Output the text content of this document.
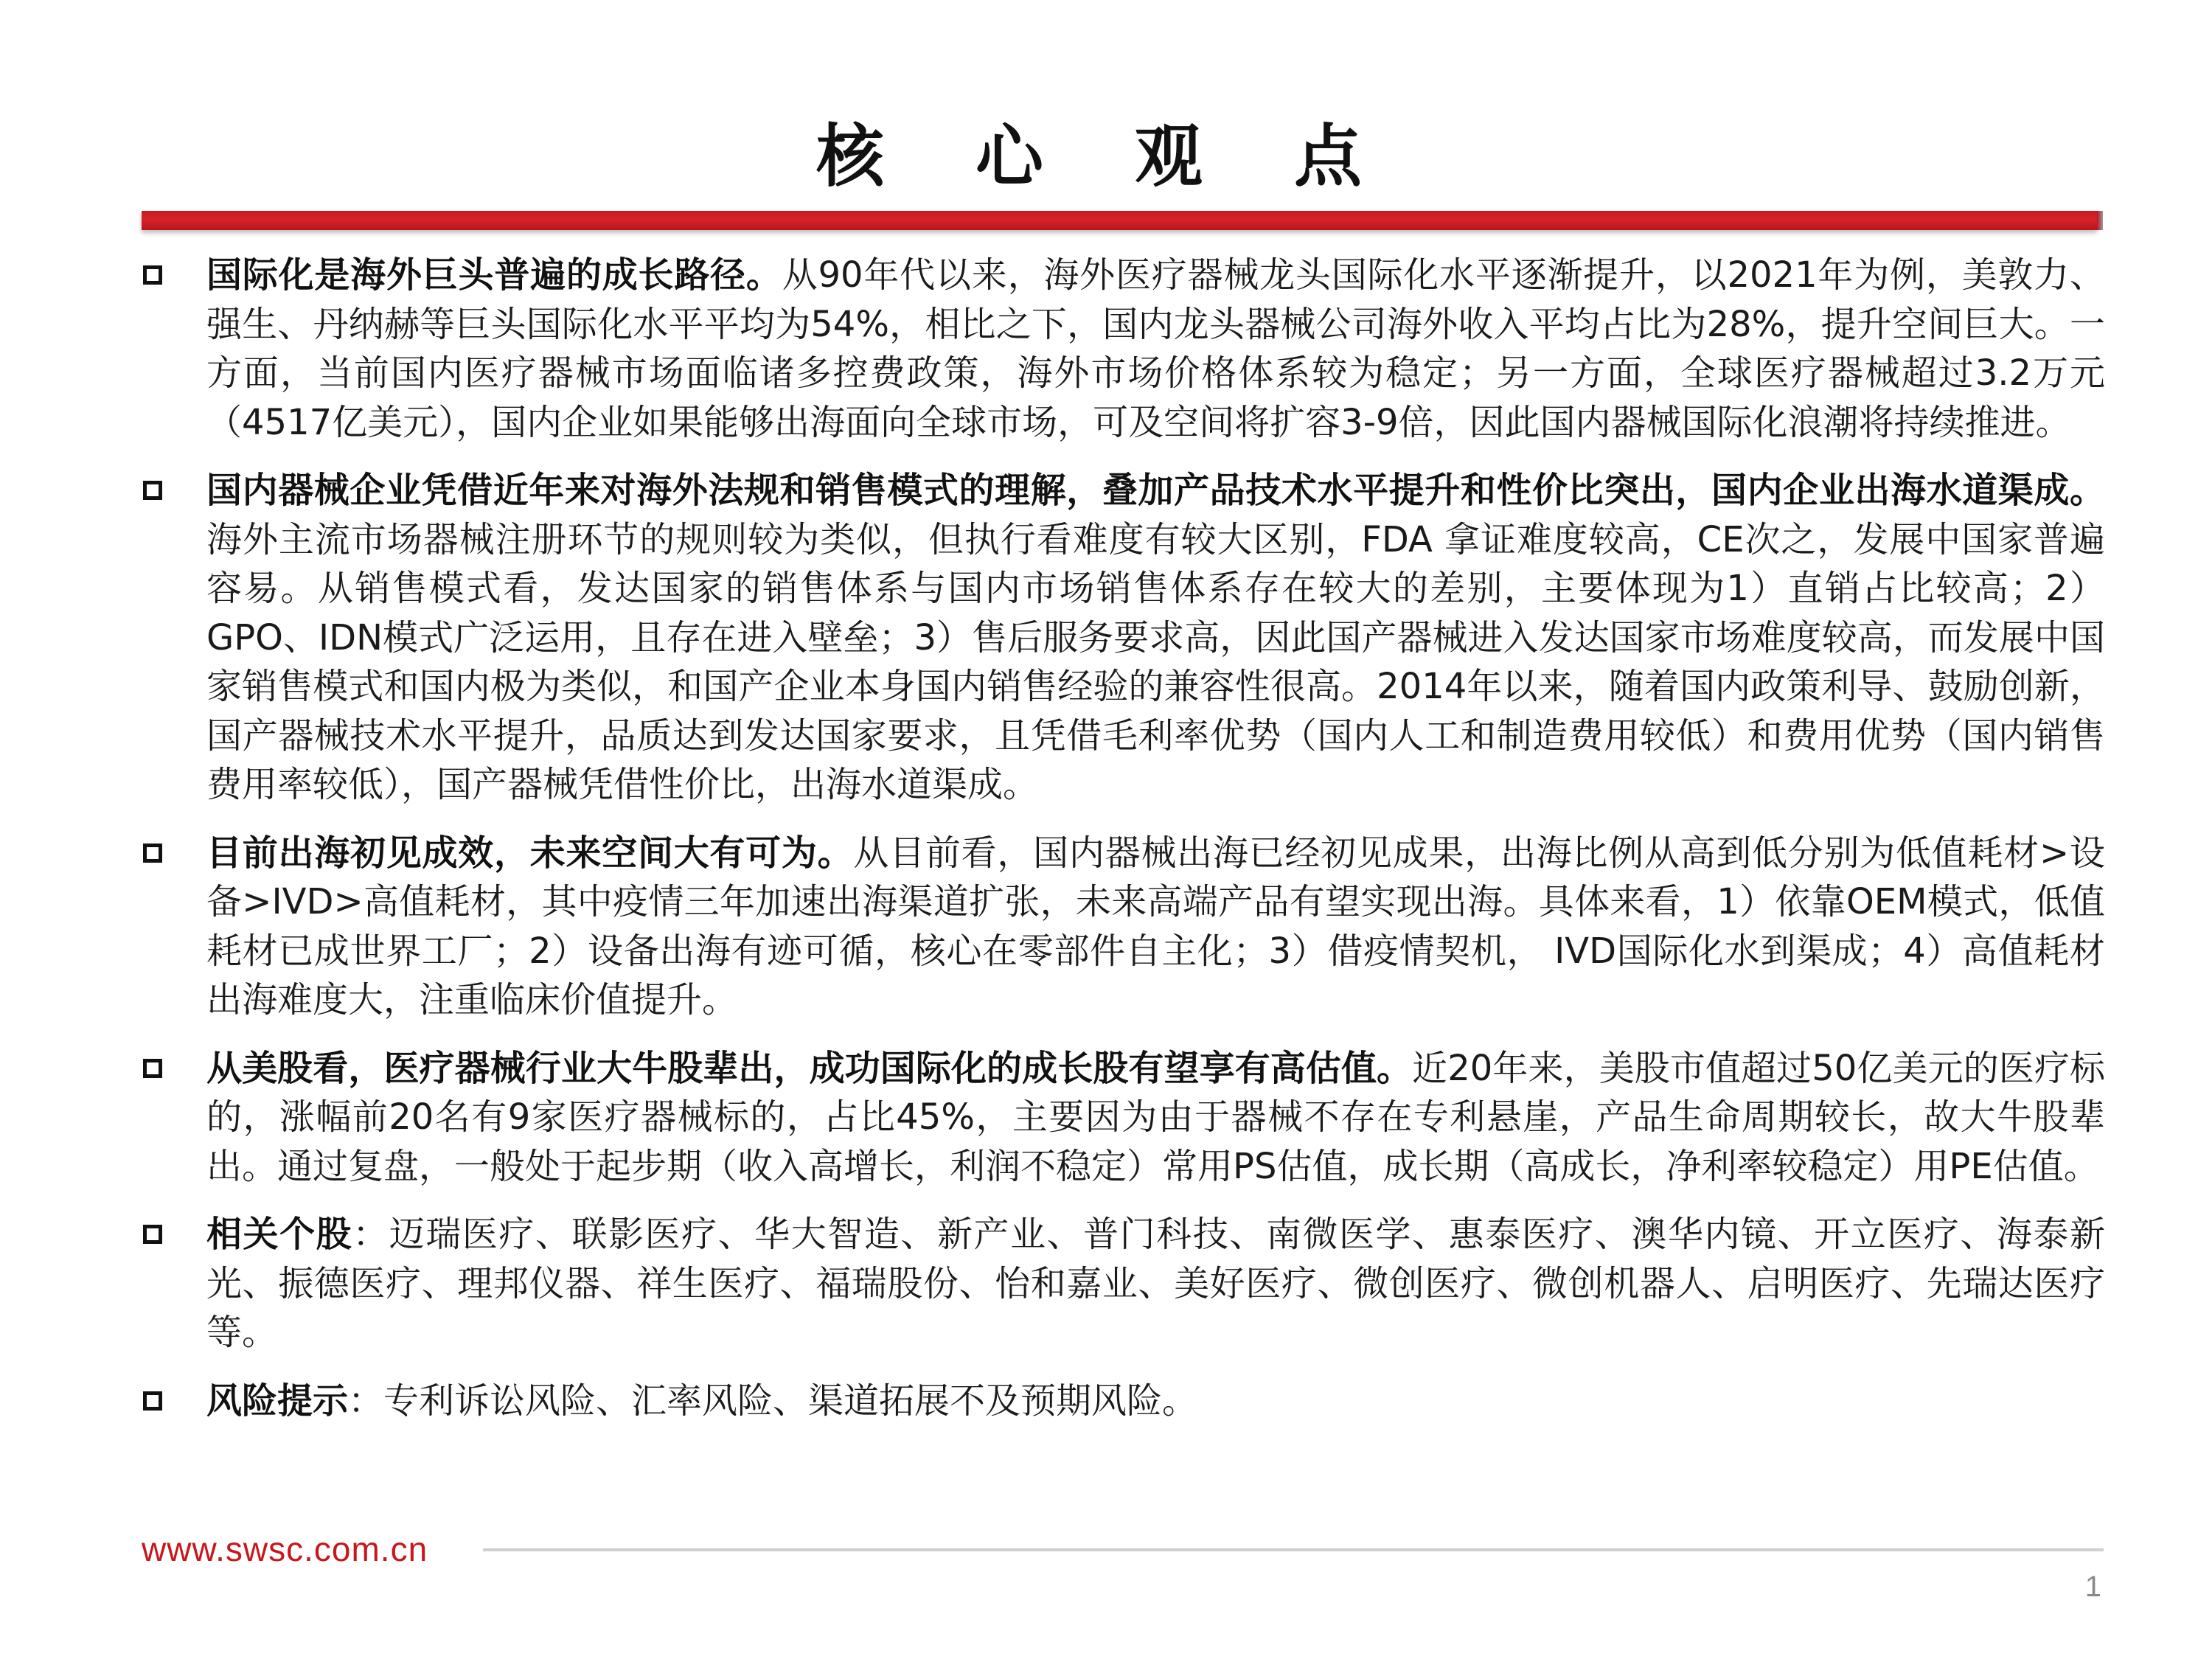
核 心 观 点
国际化是海外巨头普遍的成长路径。从90年代以来，海外医疗器械龙头国际化水平逐渐提升，以2021年为例，美敦力、强生、丹纳赫等巨头国际化水平平均为54%，相比之下，国内龙头器械公司海外收入平均占比为28%，提升空间巨大。一方面，当前国内医疗器械市场面临诸多控费政策，海外市场价格体系较为稳定；另一方面，全球医疗器械超过3.2万元（4517亿美元），国内企业如果能够出海面向全球市场，可及空间将扩容3-9倍，因此国内器械国际化浪潮将持续推进。
国内器械企业凭借近年来对海外法规和销售模式的理解，叠加产品技术水平提升和性价比突出，国内企业出海水道渠成。海外主流市场器械注册环节的规则较为类似，但执行看难度有较大区别，FDA 拿证难度较高，CE次之，发展中国家普遍容易。从销售模式看，发达国家的销售体系与国内市场销售体系存在较大的差别，主要体现为1）直销占比较高；2）GPO、IDN模式广泛运用，且存在进入壁垒；3）售后服务要求高，因此国产器械进入发达国家市场难度较高，而发展中国家销售模式和国内极为类似，和国产企业本身国内销售经验的兼容性很高。2014年以来，随着国内政策利导、鼓励创新，国产器械技术水平提升，品质达到发达国家要求，且凭借毛利率优势（国内人工和制造费用较低）和费用优势（国内销售费用率较低），国产器械凭借性价比，出海水道渠成。
目前出海初见成效，未来空间大有可为。从目前看，国内器械出海已经初见成果，出海比例从高到低分别为低值耗材>设备>IVD>高值耗材，其中疫情三年加速出海渠道扩张，未来高端产品有望实现出海。具体来看，1）依靠OEM模式，低值耗材已成世界工厂；2）设备出海有迹可循，核心在零部件自主化；3）借疫情契机， IVD国际化水到渠成；4）高值耗材出海难度大，注重临床价值提升。
从美股看，医疗器械行业大牛股辈出，成功国际化的成长股有望享有高估值。近20年来，美股市值超过50亿美元的医疗标的，涨幅前20名有9家医疗器械标的，占比45%，主要因为由于器械不存在专利悬崖，产品生命周期较长，故大牛股辈出。通过复盘，一般处于起步期（收入高增长，利润不稳定）常用PS估值，成长期（高成长，净利率较稳定）用PE估值。
相关个股：迈瑞医疗、联影医疗、华大智造、新产业、普门科技、南微医学、惠泰医疗、澳华内镜、开立医疗、海泰新光、振德医疗、理邦仪器、祥生医疗、福瑞股份、怡和嘉业、美好医疗、微创医疗、微创机器人、启明医疗、先瑞达医疗等。
风险提示：专利诉讼风险、汇率风险、渠道拓展不及预期风险。
www.swsc.com.cn
1
